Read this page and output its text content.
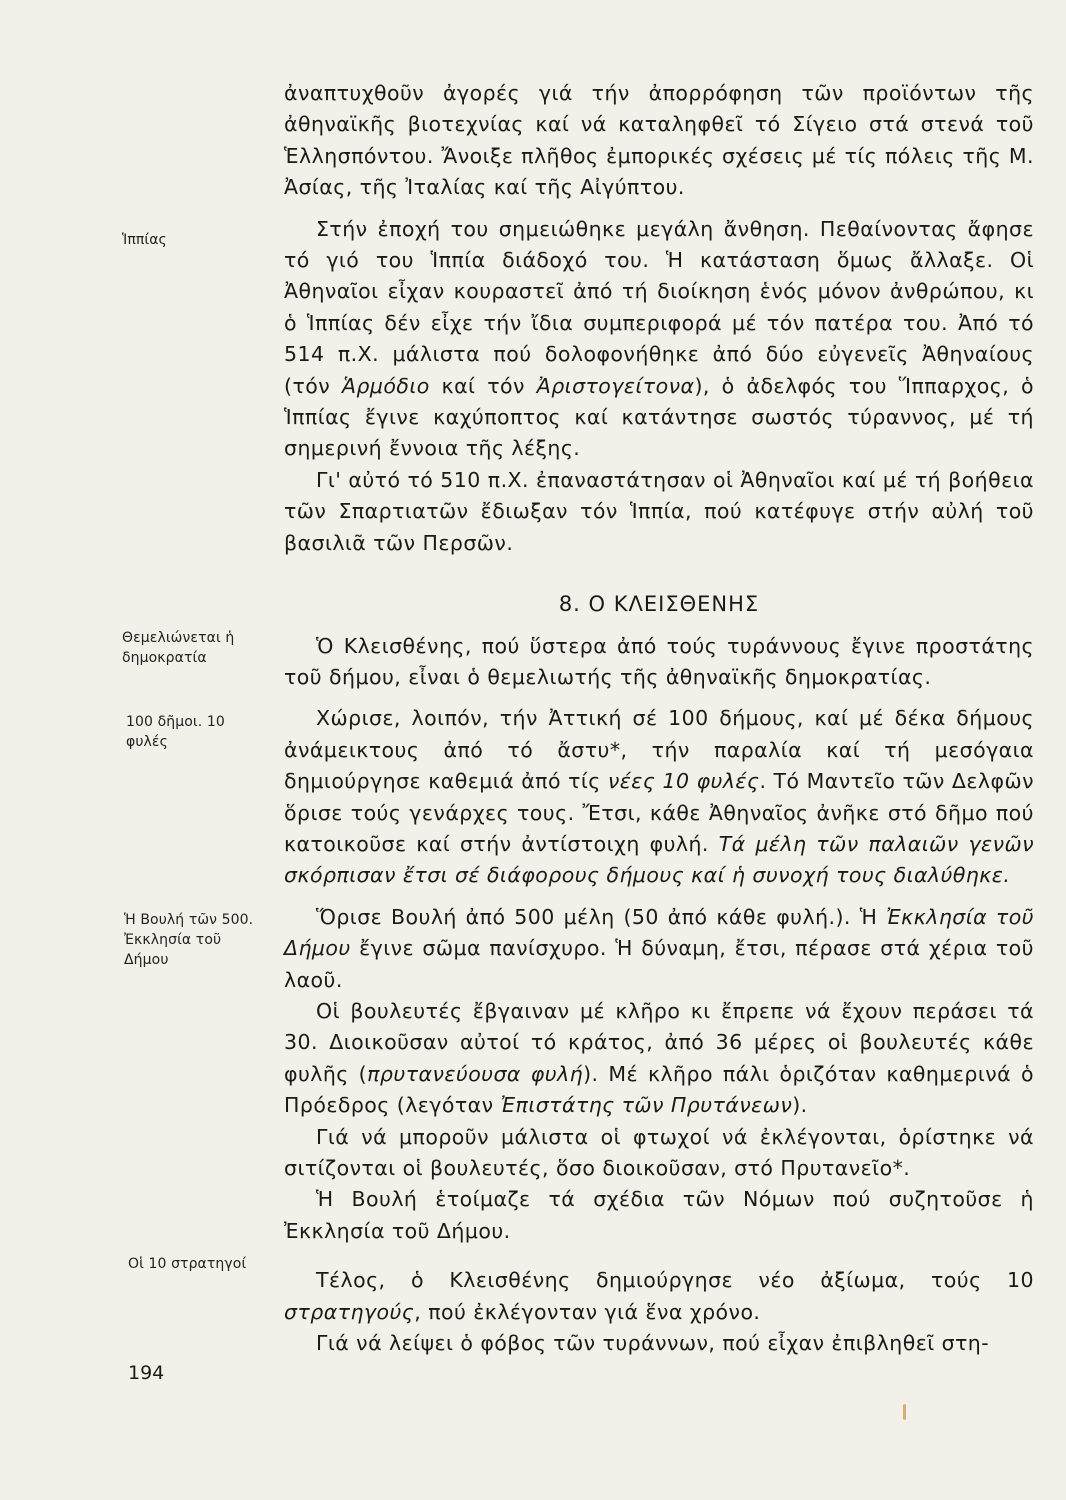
Ἱππίας
Θεμελιώνεται ἡ
δημοκρατία
100 δῆμοι. 10
φυλές
Ἡ Βουλή τῶν 500.
Ἐκκλησία τοῦ
Δήμου
Οἱ 10 στρατηγοί

ἀναπτυχθοῦν ἀγορές γιά τήν ἀπορρόφηση τῶν προϊόντων τῆς ἀθηναϊκῆς βιοτεχνίας καί νά καταληφθεῖ τό Σίγειο στά στενά τοῦ Ἑλλησπόντου. Ἄνοιξε πλῆθος ἐμπορικές σχέσεις μέ τίς πόλεις τῆς Μ. Ἀσίας, τῆς Ἰταλίας καί τῆς Αἰγύπτου.

Στήν ἐποχή του σημειώθηκε μεγάλη ἄνθηση. Πεθαίνοντας ἄφησε τό γιό του Ἱππία διάδοχό του. Ἡ κατάσταση ὅμως ἄλλαξε. Οἱ Ἀθηναῖοι εἶχαν κουραστεῖ ἀπό τή διοίκηση ἑνός μόνον ἀνθρώπου, κι ὁ Ἱππίας δέν εἶχε τήν ἴδια συμπεριφορά μέ τόν πατέρα του. Ἀπό τό 514 π.Χ. μάλιστα πού δολοφονήθηκε ἀπό δύο εὐγενεῖς Ἀθηναίους (τόν Ἁρμόδιο καί τόν Ἀριστογείτονα), ὁ ἀδελφός του Ἵππαρχος, ὁ Ἱππίας ἔγινε καχύποπτος καί κατάντησε σωστός τύραννος, μέ τή σημερινή ἔννοια τῆς λέξης.

Γι' αὐτό τό 510 π.Χ. ἐπαναστάτησαν οἱ Ἀθηναῖοι καί μέ τή βοήθεια τῶν Σπαρτιατῶν ἔδιωξαν τόν Ἱππία, πού κατέφυγε στήν αὐλή τοῦ βασιλιᾶ τῶν Περσῶν.

8. Ο ΚΛΕΙΣΘΕΝΗΣ

Ὁ Κλεισθένης, πού ὕστερα ἀπό τούς τυράννους ἔγινε προστάτης τοῦ δήμου, εἶναι ὁ θεμελιωτής τῆς ἀθηναϊκῆς δημοκρατίας.

Χώρισε, λοιπόν, τήν Ἀττική σέ 100 δήμους, καί μέ δέκα δήμους ἀνάμεικτους ἀπό τό ἄστυ*, τήν παραλία καί τή μεσόγαια δημιούργησε καθεμιά ἀπό τίς νέες 10 φυλές. Τό Μαντεῖο τῶν Δελφῶν ὅρισε τούς γενάρχες τους. Ἔτσι, κάθε Ἀθηναῖος ἀνῆκε στό δῆμο πού κατοικοῦσε καί στήν ἀντίστοιχη φυλή. Τά μέλη τῶν παλαιῶν γενῶν σκόρπισαν ἔτσι σέ διάφορους δήμους καί ἡ συνοχή τους διαλύθηκε.

Ὅρισε Βουλή ἀπό 500 μέλη (50 ἀπό κάθε φυλή.). Ἡ Ἐκκλησία τοῦ Δήμου ἔγινε σῶμα πανίσχυρο. Ἡ δύναμη, ἔτσι, πέρασε στά χέρια τοῦ λαοῦ.

Οἱ βουλευτές ἔβγαιναν μέ κλῆρο κι ἔπρεπε νά ἔχουν περάσει τά 30. Διοικοῦσαν αὐτοί τό κράτος, ἀπό 36 μέρες οἱ βουλευτές κάθε φυλῆς (πρυτανεύουσα φυλή). Μέ κλῆρο πάλι ὁριζόταν καθημερινά ὁ Πρόεδρος (λεγόταν Ἐπιστάτης τῶν Πρυτάνεων).

Γιά νά μποροῦν μάλιστα οἱ φτωχοί νά ἐκλέγονται, ὁρίστηκε νά σιτίζονται οἱ βουλευτές, ὅσο διοικοῦσαν, στό Πρυτανεῖο*.

Ἡ Βουλή ἑτοίμαζε τά σχέδια τῶν Νόμων πού συζητοῦσε ἡ Ἐκκλησία τοῦ Δήμου.

Τέλος, ὁ Κλεισθένης δημιούργησε νέο ἀξίωμα, τούς 10 στρατηγούς, πού ἐκλέγονταν γιά ἕνα χρόνο.

Γιά νά λείψει ὁ φόβος τῶν τυράννων, πού εἶχαν ἐπιβληθεῖ στη-

194
